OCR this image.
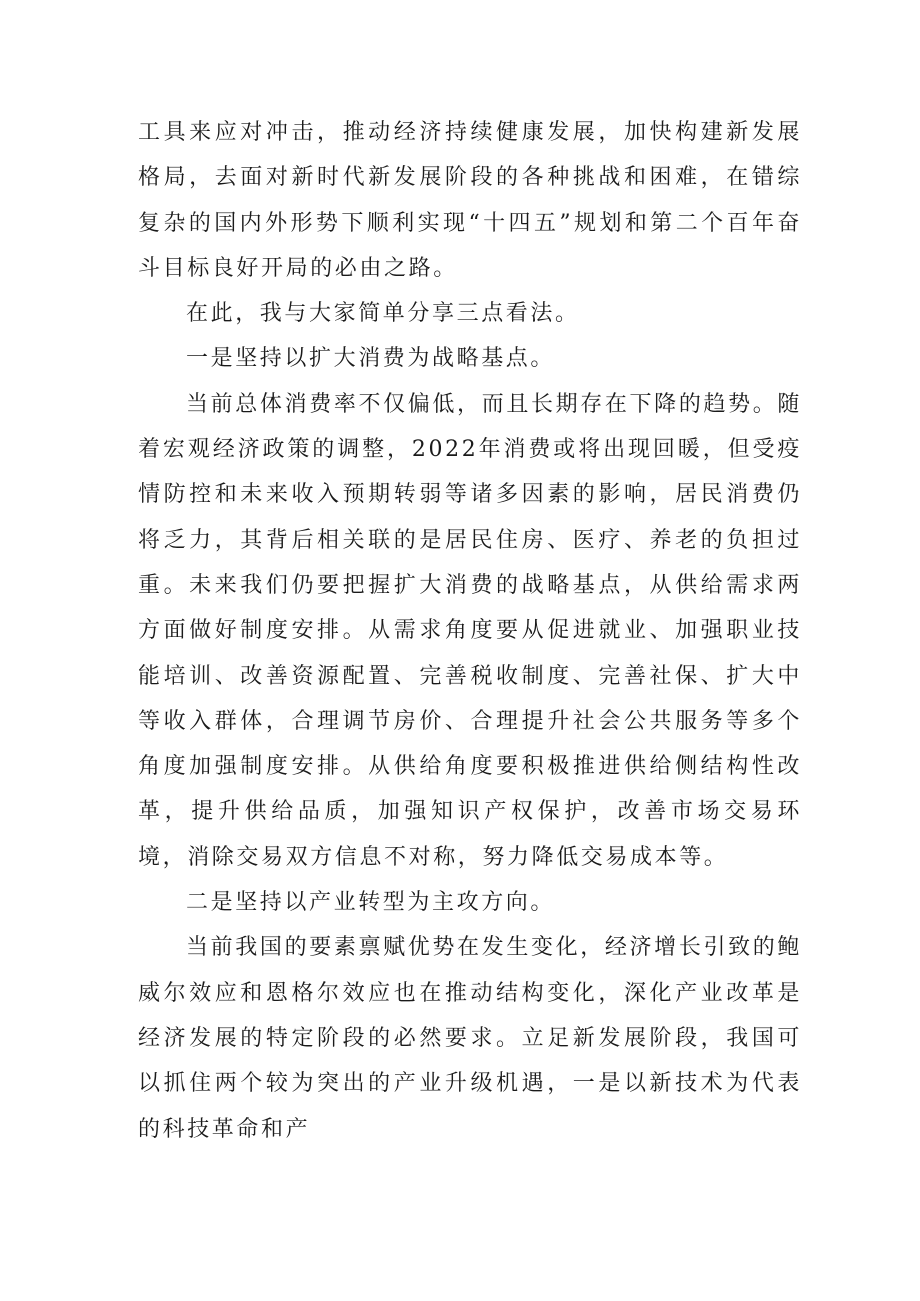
工具来应对冲击，推动经济持续健康发展，加快构建新发展格局，去面对新时代新发展阶段的各种挑战和困难，在错综复杂的国内外形势下顺利实现“十四五”规划和第二个百年奋斗目标良好开局的必由之路。

在此，我与大家简单分享三点看法。

一是坚持以扩大消费为战略基点。

当前总体消费率不仅偏低，而且长期存在下降的趋势。随着宏观经济政策的调整，2022年消费或将出现回暖，但受疫情防控和未来收入预期转弱等诸多因素的影响，居民消费仍将乏力，其背后相关联的是居民住房、医疗、养老的负担过重。未来我们仍要把握扩大消费的战略基点，从供给需求两方面做好制度安排。从需求角度要从促进就业、加强职业技能培训、改善资源配置、完善税收制度、完善社保、扩大中等收入群体，合理调节房价、合理提升社会公共服务等多个角度加强制度安排。从供给角度要积极推进供给侧结构性改革，提升供给品质，加强知识产权保护，改善市场交易环境，消除交易双方信息不对称，努力降低交易成本等。

二是坚持以产业转型为主攻方向。

当前我国的要素禀赋优势在发生变化，经济增长引致的鲍威尔效应和恩格尔效应也在推动结构变化，深化产业改革是经济发展的特定阶段的必然要求。立足新发展阶段，我国可以抓住两个较为突出的产业升级机遇，一是以新技术为代表的科技革命和产
